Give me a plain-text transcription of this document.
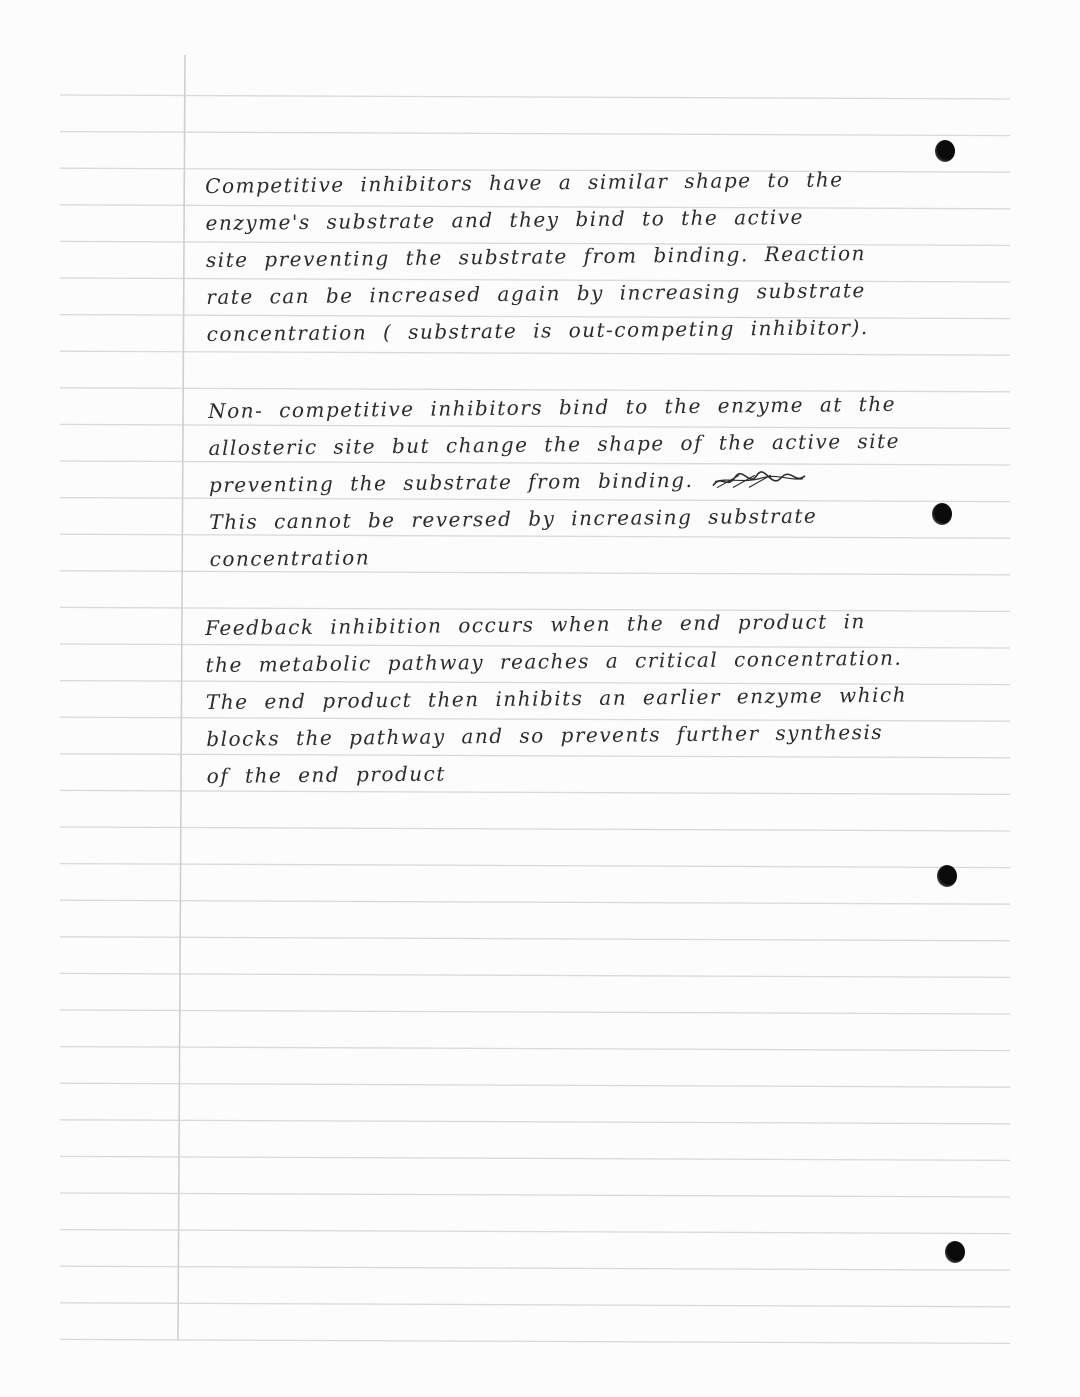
Competitive inhibitors have a similar shape to the
enzyme's substrate and they bind to the active
site preventing the substrate from binding. Reaction
rate can be increased again by increasing substrate
concentration ( substrate is out-competing inhibitor).
Non- competitive inhibitors bind to the enzyme at the
allosteric site but change the shape of the active site
preventing the substrate from binding.
This cannot be reversed by increasing substrate
concentration
Feedback inhibition occurs when the end product in
the metabolic pathway reaches a critical concentration.
The end product then inhibits an earlier enzyme which
blocks the pathway and so prevents further synthesis
of the end product
